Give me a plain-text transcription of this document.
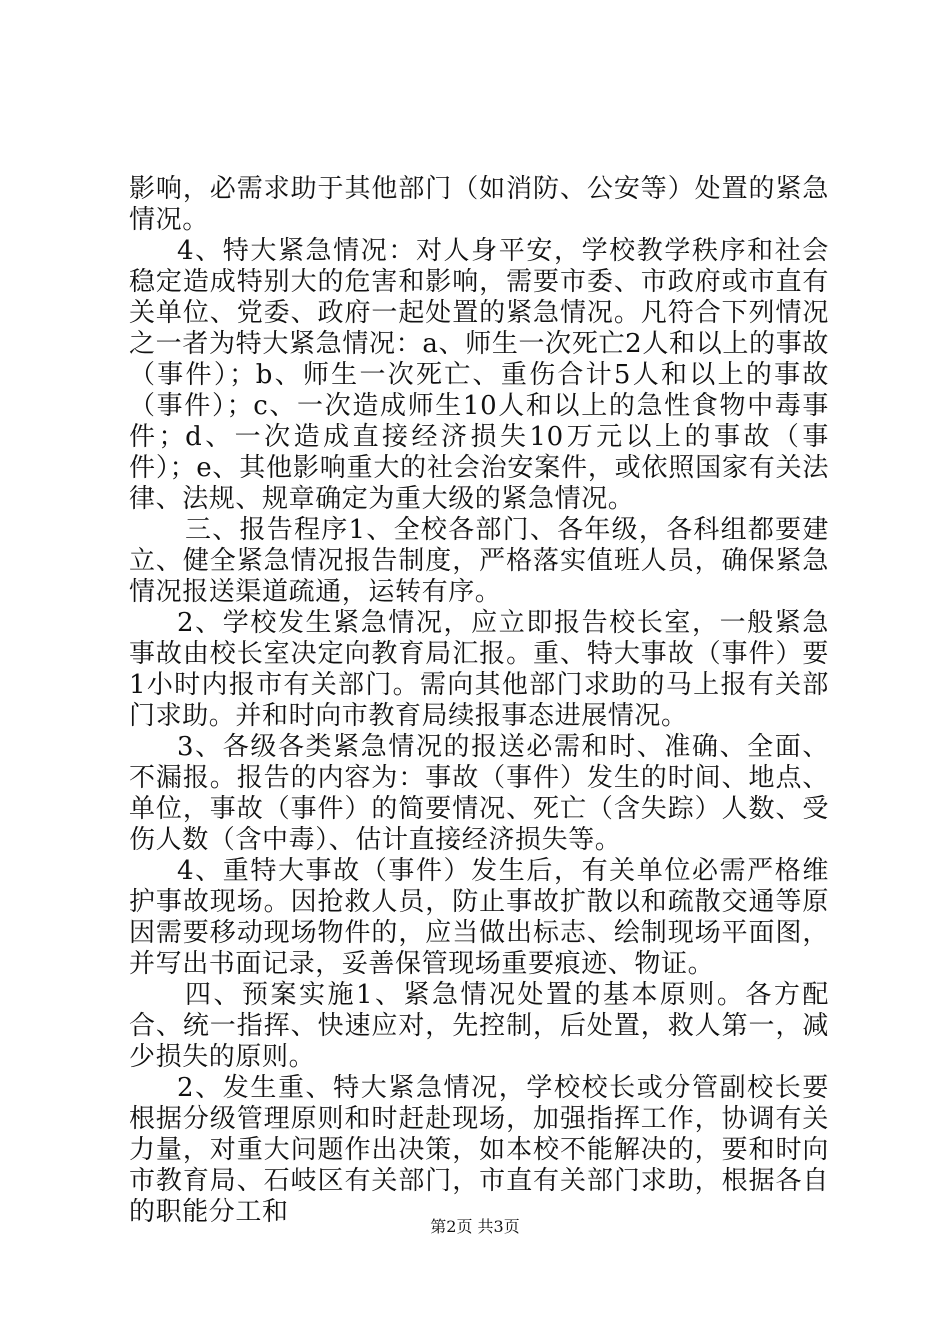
影响，必需求助于其他部门（如消防、公安等）处置的紧急情况。

4、特大紧急情况：对人身平安，学校教学秩序和社会稳定造成特别大的危害和影响，需要市委、市政府或市直有关单位、党委、政府一起处置的紧急情况。凡符合下列情况之一者为特大紧急情况：a、师生一次死亡2人和以上的事故（事件）；b、师生一次死亡、重伤合计5人和以上的事故（事件）；c、一次造成师生10人和以上的急性食物中毒事件；d、一次造成直接经济损失10万元以上的事故（事件）；e、其他影响重大的社会治安案件，或依照国家有关法律、法规、规章确定为重大级的紧急情况。

三、报告程序1、全校各部门、各年级，各科组都要建立、健全紧急情况报告制度，严格落实值班人员，确保紧急情况报送渠道疏通，运转有序。

2、学校发生紧急情况，应立即报告校长室，一般紧急事故由校长室决定向教育局汇报。重、特大事故（事件）要1小时内报市有关部门。需向其他部门求助的马上报有关部门求助。并和时向市教育局续报事态进展情况。

3、各级各类紧急情况的报送必需和时、准确、全面、不漏报。报告的内容为：事故（事件）发生的时间、地点、单位，事故（事件）的简要情况、死亡（含失踪）人数、受伤人数（含中毒）、估计直接经济损失等。

4、重特大事故（事件）发生后，有关单位必需严格维护事故现场。因抢救人员，防止事故扩散以和疏散交通等原因需要移动现场物件的，应当做出标志、绘制现场平面图，并写出书面记录，妥善保管现场重要痕迹、物证。

四、预案实施1、紧急情况处置的基本原则。各方配合、统一指挥、快速应对，先控制，后处置，救人第一，减少损失的原则。

2、发生重、特大紧急情况，学校校长或分管副校长要根据分级管理原则和时赶赴现场，加强指挥工作，协调有关力量，对重大问题作出决策，如本校不能解决的，要和时向市教育局、石岐区有关部门，市直有关部门求助，根据各自的职能分工和	第2页 共3页
